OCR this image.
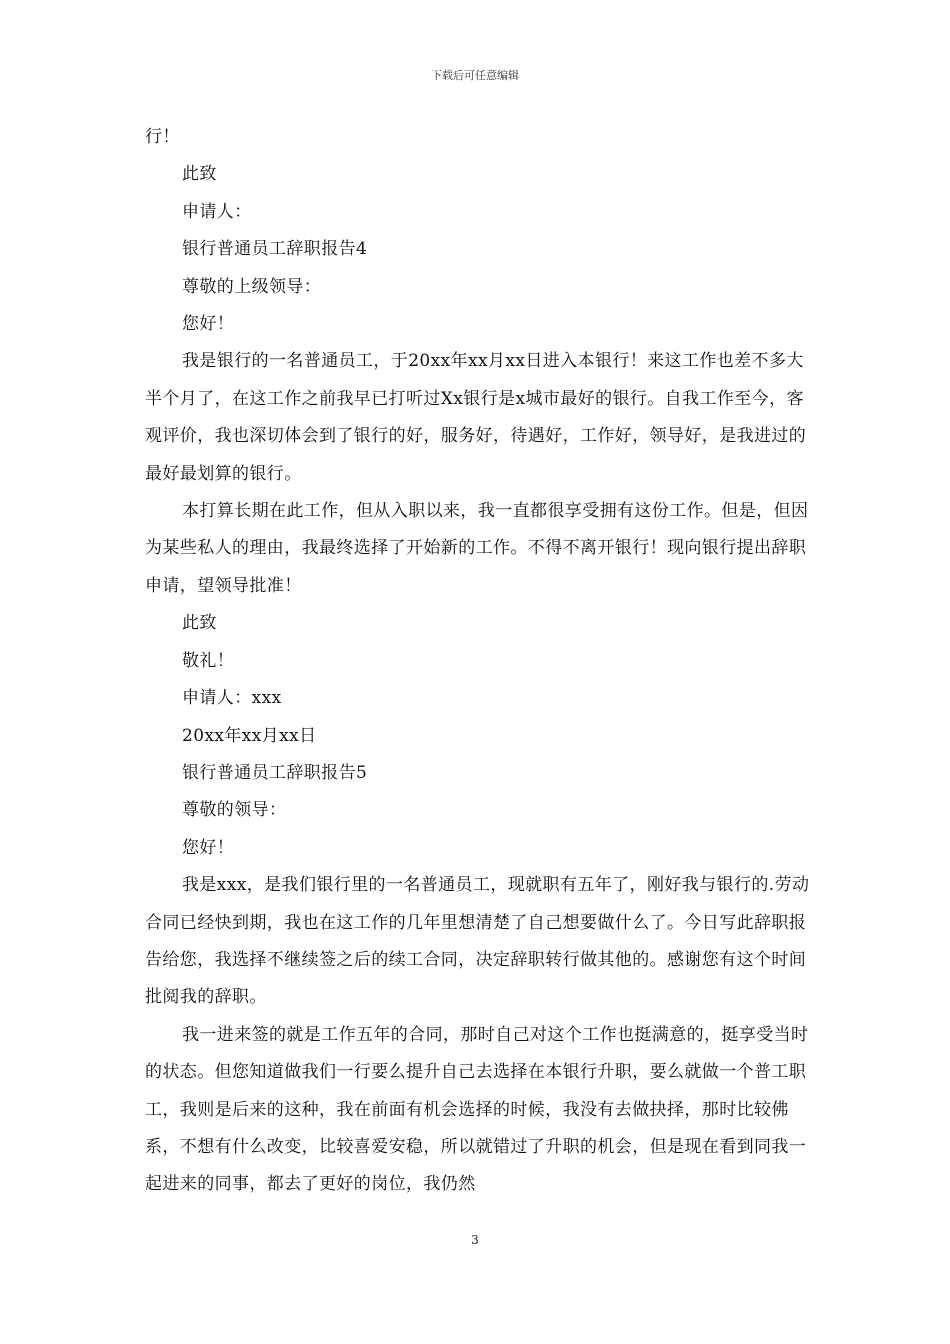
下载后可任意编辑

行！

此致

申请人：

银行普通员工辞职报告4

尊敬的上级领导：

您好！

我是银行的一名普通员工，于20xx年xx月xx日进入本银行！来这工作也差不多大半个月了，在这工作之前我早已打听过Xx银行是x城市最好的银行。自我工作至今，客观评价，我也深切体会到了银行的好，服务好，待遇好，工作好，领导好，是我进过的最好最划算的银行。

本打算长期在此工作，但从入职以来，我一直都很享受拥有这份工作。但是，但因为某些私人的理由，我最终选择了开始新的工作。不得不离开银行！现向银行提出辞职申请，望领导批准！

此致

敬礼！

申请人：xxx

20xx年xx月xx日

银行普通员工辞职报告5

尊敬的领导：

您好！

我是xxx，是我们银行里的一名普通员工，现就职有五年了，刚好我与银行的.劳动合同已经快到期，我也在这工作的几年里想清楚了自己想要做什么了。今日写此辞职报告给您，我选择不继续签之后的续工合同，决定辞职转行做其他的。感谢您有这个时间批阅我的辞职。

我一进来签的就是工作五年的合同，那时自己对这个工作也挺满意的，挺享受当时的状态。但您知道做我们一行要么提升自己去选择在本银行升职，要么就做一个普工职工，我则是后来的这种，我在前面有机会选择的时候，我没有去做抉择，那时比较佛系，不想有什么改变，比较喜爱安稳，所以就错过了升职的机会，但是现在看到同我一起进来的同事，都去了更好的岗位，我仍然

3
